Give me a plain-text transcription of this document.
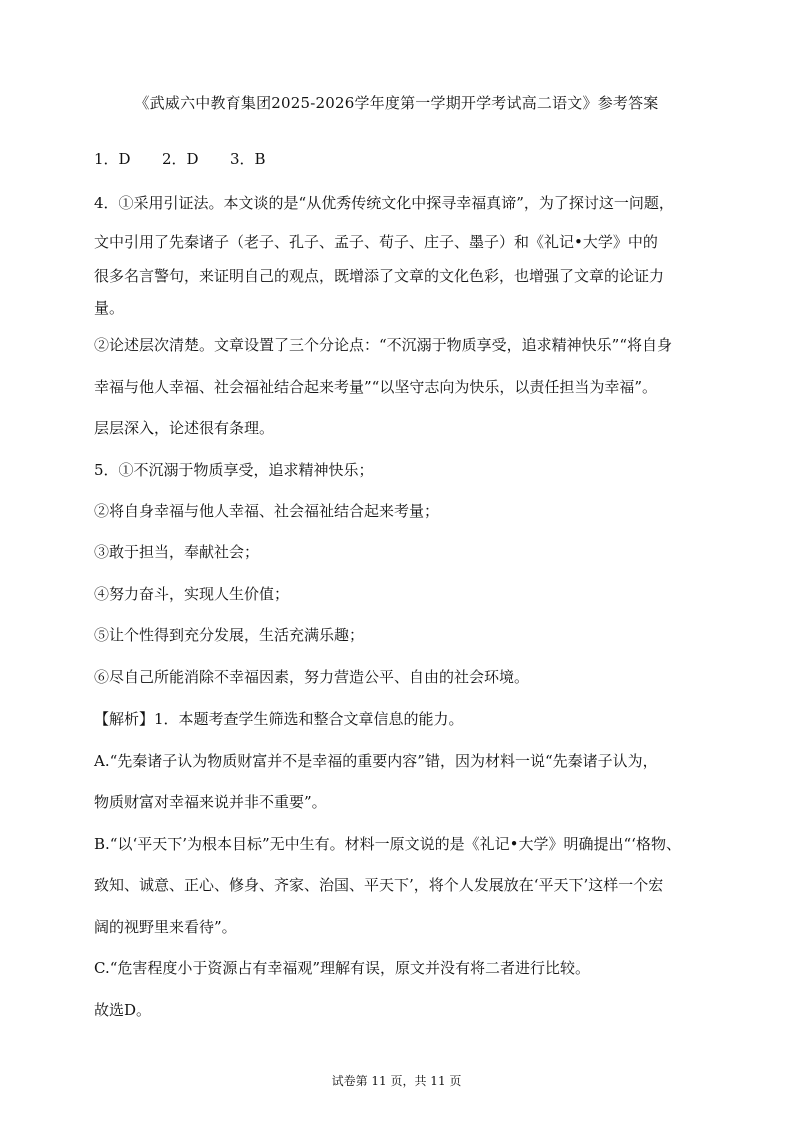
《武威六中教育集团2025-2026学年度第一学期开学考试高二语文》参考答案
1．D 2．D 3．B
4．①采用引证法。本文谈的是“从优秀传统文化中探寻幸福真谛”，为了探讨这一问题，
文中引用了先秦诸子（老子、孔子、孟子、荀子、庄子、墨子）和《礼记•大学》中的
很多名言警句，来证明自己的观点，既增添了文章的文化色彩，也增强了文章的论证力
量。
②论述层次清楚。文章设置了三个分论点：“不沉溺于物质享受，追求精神快乐”“将自身
幸福与他人幸福、社会福祉结合起来考量”“以坚守志向为快乐，以责任担当为幸福”。
层层深入，论述很有条理。
5．①不沉溺于物质享受，追求精神快乐；
②将自身幸福与他人幸福、社会福祉结合起来考量；
③敢于担当，奉献社会；
④努力奋斗，实现人生价值；
⑤让个性得到充分发展，生活充满乐趣；
⑥尽自己所能消除不幸福因素，努力营造公平、自由的社会环境。
【解析】1．本题考查学生筛选和整合文章信息的能力。
A.“先秦诸子认为物质财富并不是幸福的重要内容”错，因为材料一说“先秦诸子认为，
物质财富对幸福来说并非不重要”。
B.“以‘平天下’为根本目标”无中生有。材料一原文说的是《礼记•大学》明确提出“‘格物、
致知、诚意、正心、修身、齐家、治国、平天下’，将个人发展放在‘平天下’这样一个宏
阔的视野里来看待”。
C.“危害程度小于资源占有幸福观”理解有误，原文并没有将二者进行比较。
故选D。
试卷第 11 页，共 11 页
